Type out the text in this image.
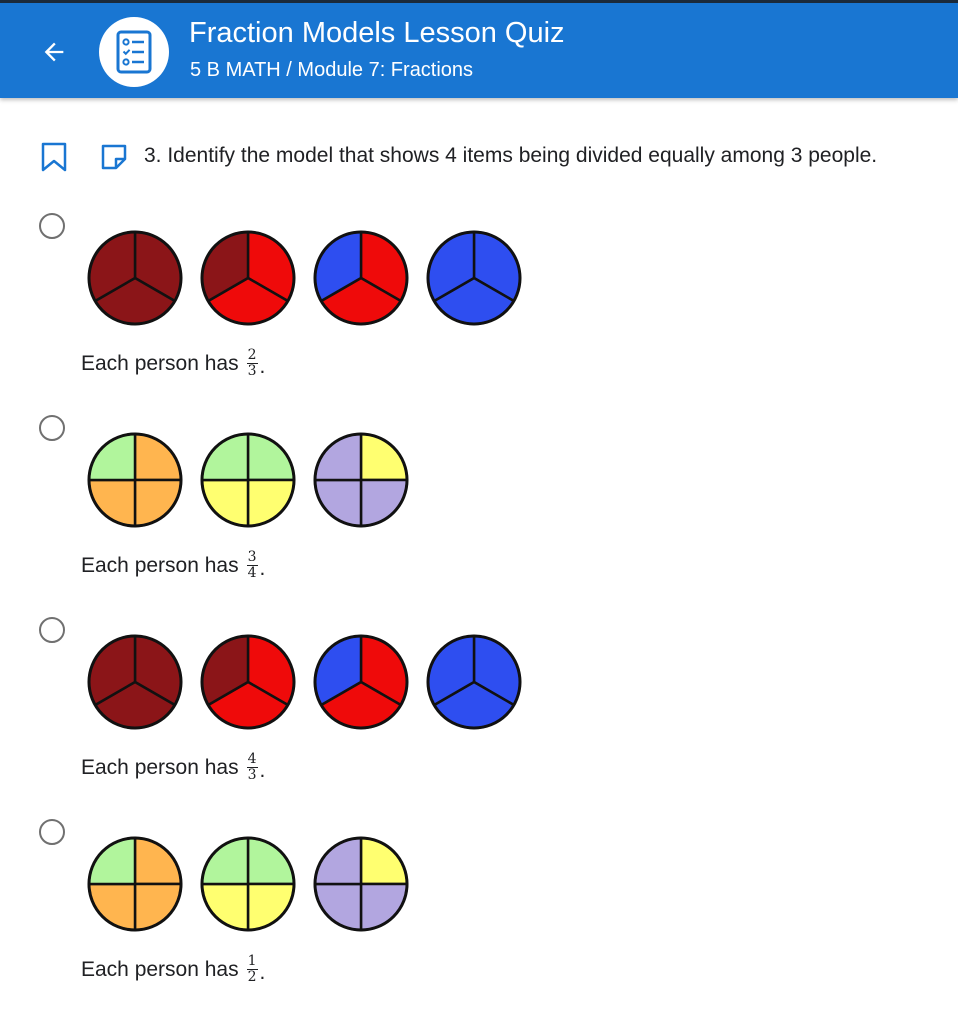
Fraction Models Lesson Quiz
5 B MATH / Module 7: Fractions
3. Identify the model that shows 4 items being divided equally among 3 people.
Each person has $\frac{2}{3}$ .
Each person has $\frac{3}{4}$ .
Each person has $\frac{4}{3}$ .
Each person has $\frac{1}{2}$ .
